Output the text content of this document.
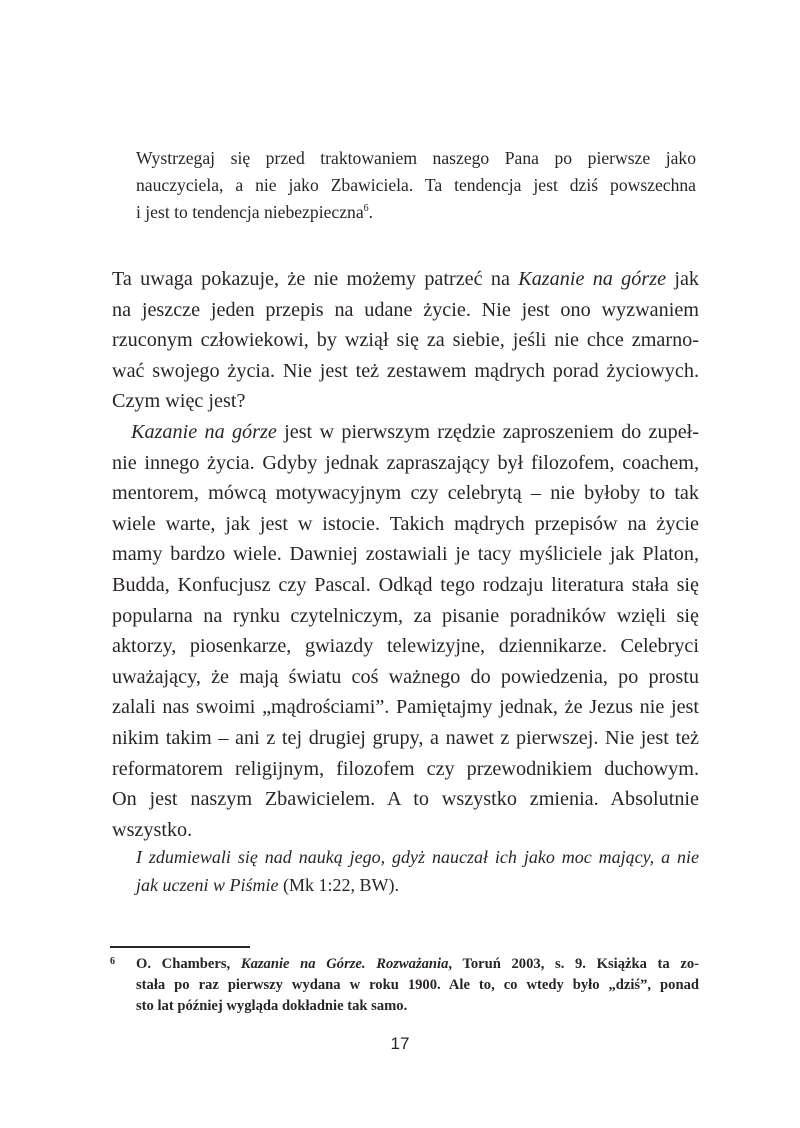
Wystrzegaj się przed traktowaniem naszego Pana po pierwsze jako
nauczyciela, a nie jako Zbawiciela. Ta tendencja jest dziś powszechna
i jest to tendencja niebezpieczna$^6$.
Ta uwaga pokazuje, że nie możemy patrzeć na Kazanie na górze jak
na jeszcze jeden przepis na udane życie. Nie jest ono wyzwaniem
rzuconym człowiekowi, by wziął się za siebie, jeśli nie chce zmarno-
wać swojego życia. Nie jest też zestawem mądrych porad życiowych.
Czym więc jest?
Kazanie na górze jest w pierwszym rzędzie zaproszeniem do zupeł-
nie innego życia. Gdyby jednak zapraszający był filozofem, coachem,
mentorem, mówcą motywacyjnym czy celebrytą – nie byłoby to tak
wiele warte, jak jest w istocie. Takich mądrych przepisów na życie
mamy bardzo wiele. Dawniej zostawiali je tacy myśliciele jak Platon,
Budda, Konfucjusz czy Pascal. Odkąd tego rodzaju literatura stała się
popularna na rynku czytelniczym, za pisanie poradników wzięli się
aktorzy, piosenkarze, gwiazdy telewizyjne, dziennikarze. Celebryci
uważający, że mają światu coś ważnego do powiedzenia, po prostu
zalali nas swoimi „mądrościami”. Pamiętajmy jednak, że Jezus nie jest
nikim takim – ani z tej drugiej grupy, a nawet z pierwszej. Nie jest też
reformatorem religijnym, filozofem czy przewodnikiem duchowym.
On jest naszym Zbawicielem. A to wszystko zmienia. Absolutnie
wszystko.
I zdumiewali się nad nauką jego, gdyż nauczał ich jako moc mający, a nie
jak uczeni w Piśmie (Mk 1:22, BW).
6 O. Chambers, Kazanie na Górze. Rozważania, Toruń 2003, s. 9. Książka ta zo-
stała po raz pierwszy wydana w roku 1900. Ale to, co wtedy było „dziś”, ponad
sto lat później wygląda dokładnie tak samo.
17
